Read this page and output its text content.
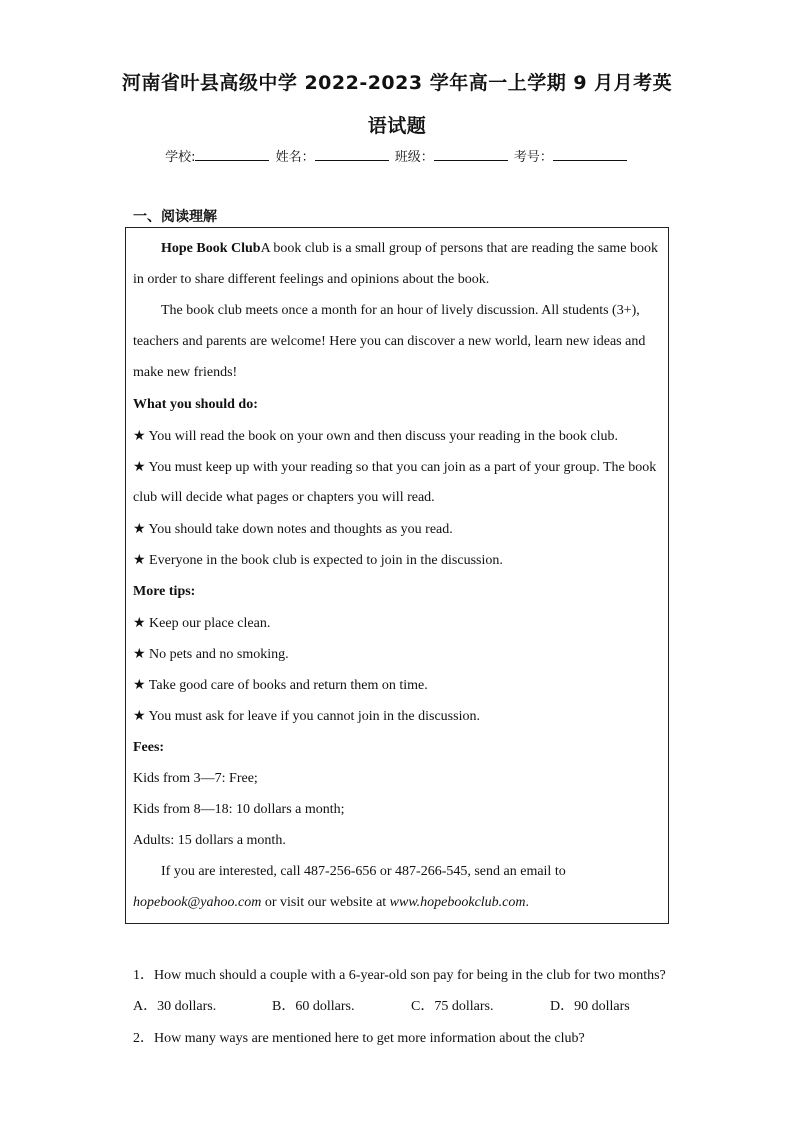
河南省叶县高级中学 2022-2023 学年高一上学期 9 月月考英
语试题
学校:	姓名：	班级：	考号：
一、阅读理解
Hope Book ClubA book club is a small group of persons that are reading the same book
in order to share different feelings and opinions about the book.
The book club meets once a month for an hour of lively discussion. All students (3+),
teachers and parents are welcome! Here you can discover a new world, learn new ideas and
make new friends!
What you should do:
★ You will read the book on your own and then discuss your reading in the book club.
★ You must keep up with your reading so that you can join as a part of your group. The book
club will decide what pages or chapters you will read.
★ You should take down notes and thoughts as you read.
★ Everyone in the book club is expected to join in the discussion.
More tips:
★ Keep our place clean.
★ No pets and no smoking.
★ Take good care of books and return them on time.
★ You must ask for leave if you cannot join in the discussion.
Fees:
Kids from 3—7: Free;
Kids from 8—18: 10 dollars a month;
Adults: 15 dollars a month.
If you are interested, call 487-256-656 or 487-266-545, send an email to
hopebook@yahoo.com or visit our website at www.hopebookclub.com.
1．How much should a couple with a 6-year-old son pay for being in the club for two months?
A．30 dollars.	B．60 dollars.	C．75 dollars.	D．90 dollars
2．How many ways are mentioned here to get more information about the club?
